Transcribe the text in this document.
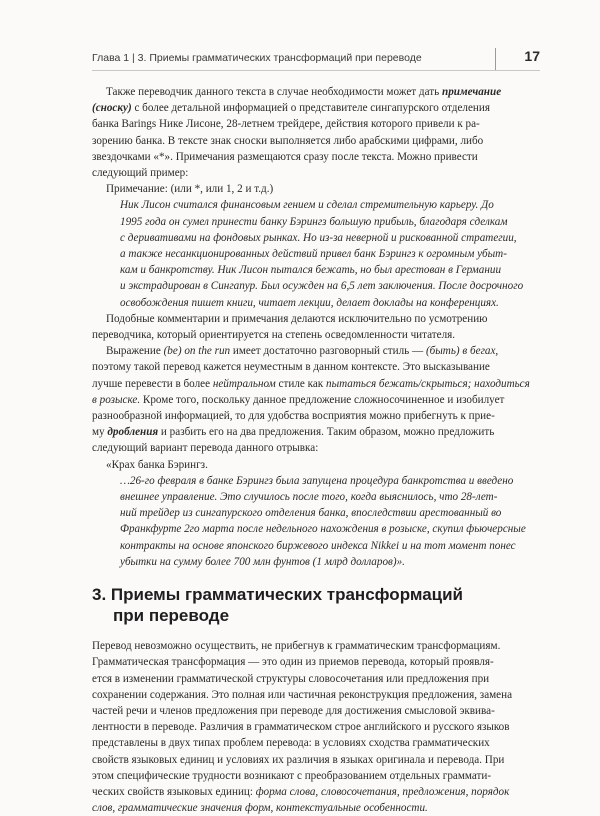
Глава 1 | 3. Приемы грамматических трансформаций при переводе	17

Также переводчик данного текста в случае необходимости может дать примечание
(сноску) с более детальной информацией о представителе сингапурского отделения
банка Barings Нике Лисоне, 28-летнем трейдере, действия которого привели к ра-
зорению банка. В тексте знак сноски выполняется либо арабскими цифрами, либо
звездочками «*». Примечания размещаются сразу после текста. Можно привести
следующий пример:

Примечание: (или *, или 1, 2 и т.д.)
Ник Лисон считался финансовым гением и сделал стремительную карьеру. До
1995 года он сумел принести банку Бэрингз большую прибыль, благодаря сделкам
с деривативами на фондовых рынках. Но из-за неверной и рискованной стратегии,
а также несанкционированных действий привел банк Бэрингз к огромным убыт-
кам и банкротству. Ник Лисон пытался бежать, но был арестован в Германии
и экстрадирован в Сингапур. Был осужден на 6,5 лет заключения. После досрочного
освобождения пишет книги, читает лекции, делает доклады на конференциях.

Подобные комментарии и примечания делаются исключительно по усмотрению
переводчика, который ориентируется на степень осведомленности читателя.

Выражение (be) on the run имеет достаточно разговорный стиль — (быть) в бегах,
поэтому такой перевод кажется неуместным в данном контексте. Это высказывание
лучше перевести в более нейтральном стиле как пытаться бежать/скрыться; находиться
в розыске. Кроме того, поскольку данное предложение сложносочиненное и изобилует
разнообразной информацией, то для удобства восприятия можно прибегнуть к прие-
му дробления и разбить его на два предложения. Таким образом, можно предложить
следующий вариант перевода данного отрывка:

«Крах банка Бэрингз.
…26-го февраля в банке Бэрингз была запущена процедура банкротства и введено
внешнее управление. Это случилось после того, когда выяснилось, что 28-лет-
ний трейдер из сингапурского отделения банка, впоследствии арестованный во
Франкфурте 2го марта после недельного нахождения в розыске, скупил фьючерсные
контракты на основе японского биржевого индекса Nikkei и на тот момент понес
убытки на сумму более 700 млн фунтов (1 млрд долларов)».
3. Приемы грамматических трансформаций
при переводе
Перевод невозможно осуществить, не прибегнув к грамматическим трансформациям.
Грамматическая трансформация — это один из приемов перевода, который проявля-
ется в изменении грамматической структуры словосочетания или предложения при
сохранении содержания. Это полная или частичная реконструкция предложения, замена
частей речи и членов предложения при переводе для достижения смысловой эквива-
лентности в переводе. Различия в грамматическом строе английского и русского языков
представлены в двух типах проблем перевода: в условиях сходства грамматических
свойств языковых единиц и условиях их различия в языках оригинала и перевода. При
этом специфические трудности возникают с преобразованием отдельных граммати-
ческих свойств языковых единиц: форма слова, словосочетания, предложения, порядок
слов, грамматические значения форм, контекстуальные особенности.
